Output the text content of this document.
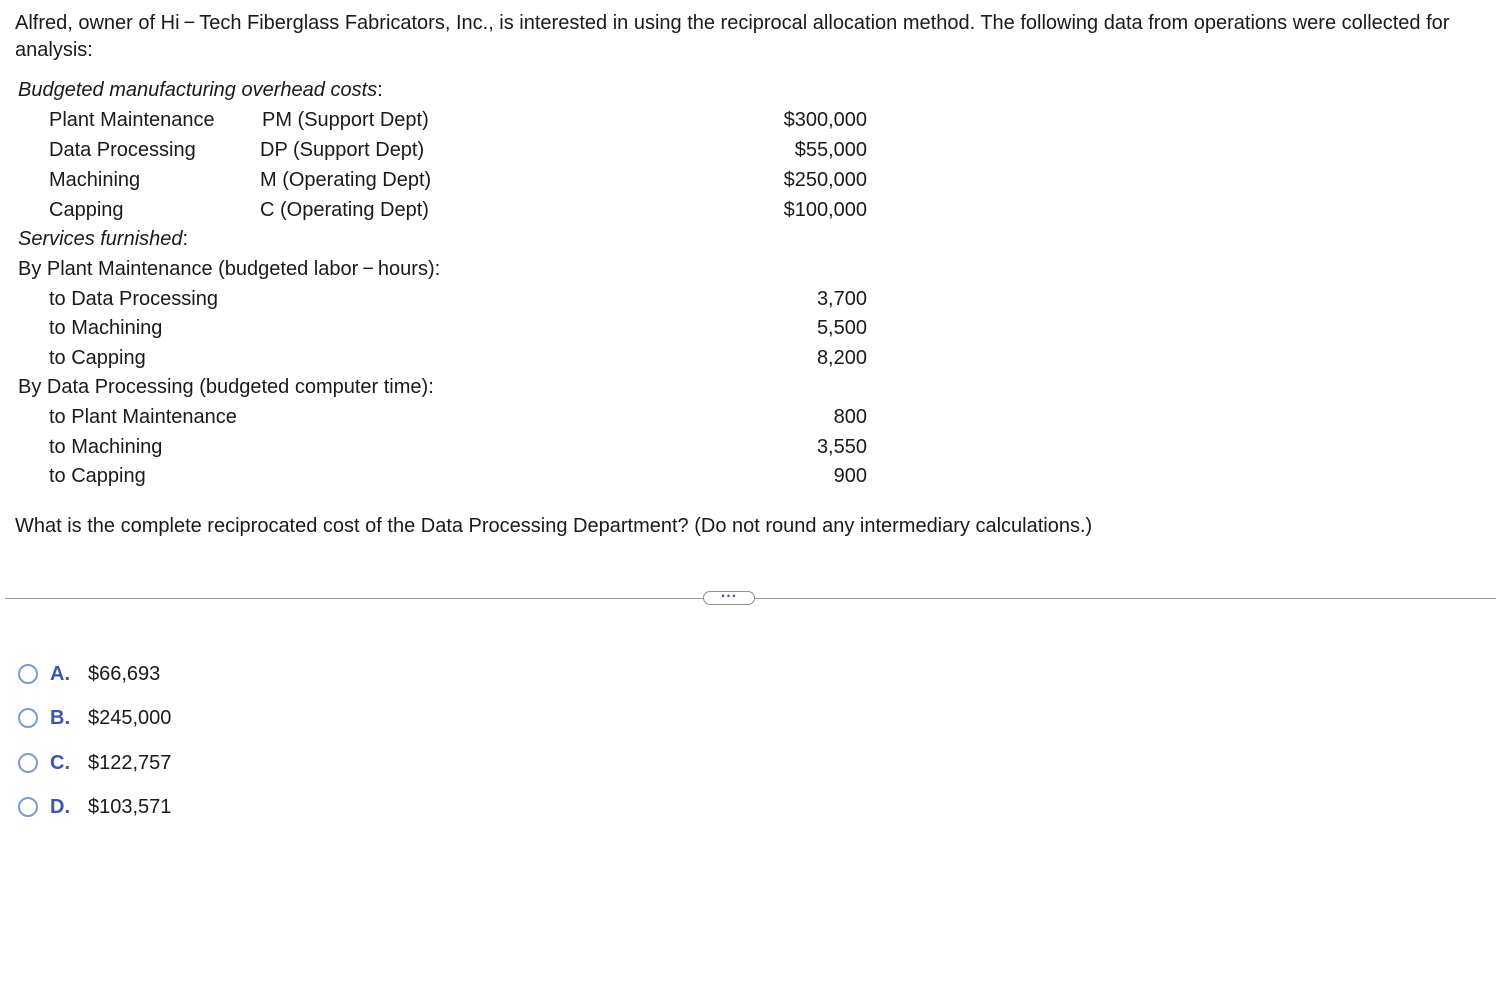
Alfred, owner of Hi − Tech Fiberglass Fabricators, Inc., is interested in using the reciprocal allocation method. The following data from operations were collected for analysis:
Budgeted manufacturing overhead costs:
Plant Maintenance PM (Support Dept)	$300,000
Data Processing	DP (Support Dept)	$55,000
Machining	M (Operating Dept)	$250,000
Capping	C (Operating Dept)	$100,000
Services furnished:
By Plant Maintenance (budgeted labor − hours):
to Data Processing	3,700
to Machining	5,500
to Capping	8,200
By Data Processing (budgeted computer time):
to Plant Maintenance	800
to Machining	3,550
to Capping	900
What is the complete reciprocated cost of the Data Processing Department? (Do not round any intermediary calculations.)
...
A. $66,693
B. $245,000
C. $122,757
D. $103,571
